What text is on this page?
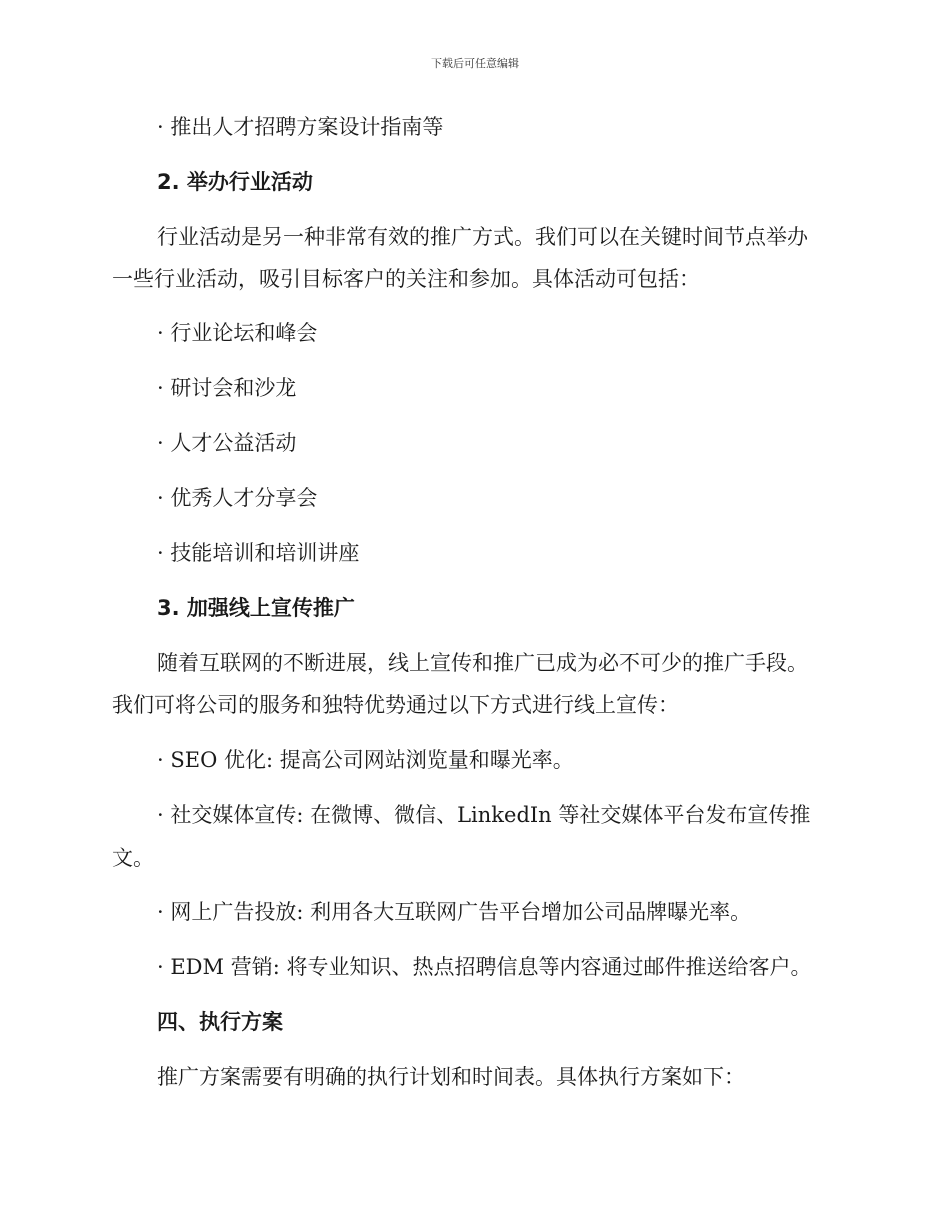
下载后可任意编辑
· 推出人才招聘方案设计指南等
2. 举办行业活动
行业活动是另一种非常有效的推广方式。我们可以在关键时间节点举办
一些行业活动，吸引目标客户的关注和参加。具体活动可包括：
· 行业论坛和峰会
· 研讨会和沙龙
· 人才公益活动
· 优秀人才分享会
· 技能培训和培训讲座
3. 加强线上宣传推广
随着互联网的不断进展，线上宣传和推广已成为必不可少的推广手段。
我们可将公司的服务和独特优势通过以下方式进行线上宣传：
· SEO 优化: 提高公司网站浏览量和曝光率。
· 社交媒体宣传: 在微博、微信、LinkedIn 等社交媒体平台发布宣传推
文。
· 网上广告投放: 利用各大互联网广告平台增加公司品牌曝光率。
· EDM 营销: 将专业知识、热点招聘信息等内容通过邮件推送给客户。
四、执行方案
推广方案需要有明确的执行计划和时间表。具体执行方案如下：
